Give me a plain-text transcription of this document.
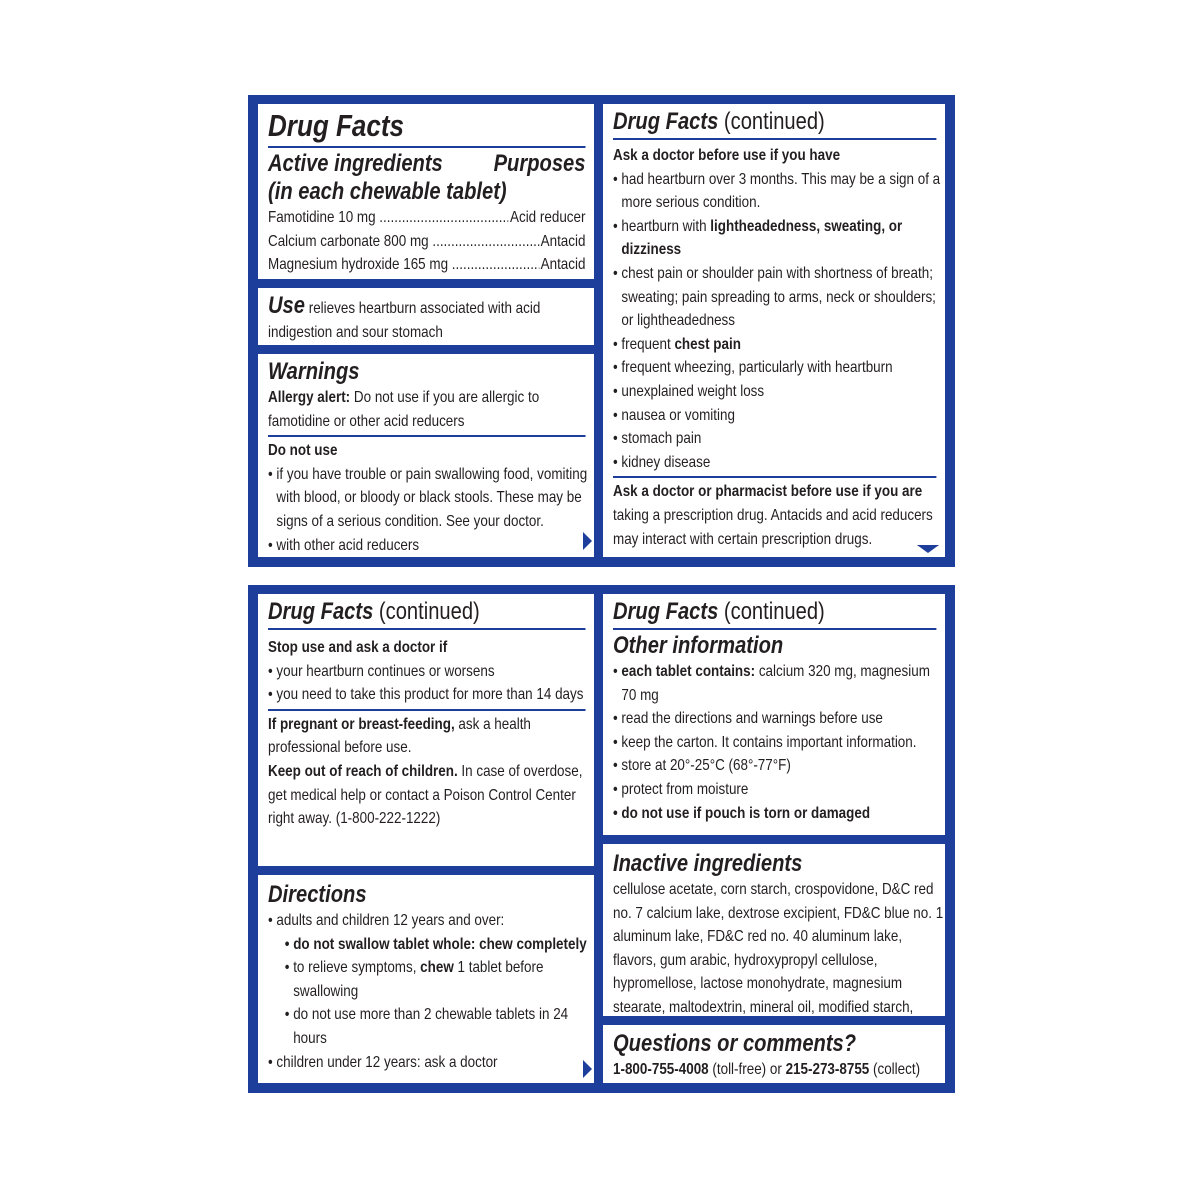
Drug Facts
Active ingredients Purposes
(in each chewable tablet)
Famotidine 10 mg .....	Acid reducer
Calcium carbonate 800 mg .....	Antacid
Magnesium hydroxide 165 mg .....	Antacid
Use relieves heartburn associated with acid indigestion and sour stomach
Warnings
Allergy alert: Do not use if you are allergic to famotidine or other acid reducers
Do not use
• if you have trouble or pain swallowing food, vomiting with blood, or bloody or black stools. These may be signs of a serious condition. See your doctor.
• with other acid reducers
Drug Facts (continued)
Ask a doctor before use if you have
• had heartburn over 3 months. This may be a sign of a more serious condition.
• heartburn with lightheadedness, sweating, or dizziness
• chest pain or shoulder pain with shortness of breath; sweating; pain spreading to arms, neck or shoulders; or lightheadedness
• frequent chest pain
• frequent wheezing, particularly with heartburn
• unexplained weight loss
• nausea or vomiting
• stomach pain
• kidney disease
Ask a doctor or pharmacist before use if you are
taking a prescription drug. Antacids and acid reducers may interact with certain prescription drugs.
Drug Facts (continued)
Stop use and ask a doctor if
• your heartburn continues or worsens
• you need to take this product for more than 14 days
If pregnant or breast-feeding, ask a health professional before use.
Keep out of reach of children. In case of overdose, get medical help or contact a Poison Control Center right away. (1-800-222-1222)
Directions
• adults and children 12 years and over:
• do not swallow tablet whole: chew completely
• to relieve symptoms, chew 1 tablet before swallowing
• do not use more than 2 chewable tablets in 24 hours
• children under 12 years: ask a doctor
Drug Facts (continued)
Other information
• each tablet contains: calcium 320 mg, magnesium 70 mg
• read the directions and warnings before use
• keep the carton. It contains important information.
• store at 20°-25°C (68°-77°F)
• protect from moisture
• do not use if pouch is torn or damaged
Inactive ingredients
cellulose acetate, corn starch, crospovidone, D&C red no. 7 calcium lake, dextrose excipient, FD&C blue no. 1 aluminum lake, FD&C red no. 40 aluminum lake, flavors, gum arabic, hydroxypropyl cellulose, hypromellose, lactose monohydrate, magnesium stearate, maltodextrin, mineral oil, modified starch,
Questions or comments?
1-800-755-4008 (toll-free) or 215-273-8755 (collect)
